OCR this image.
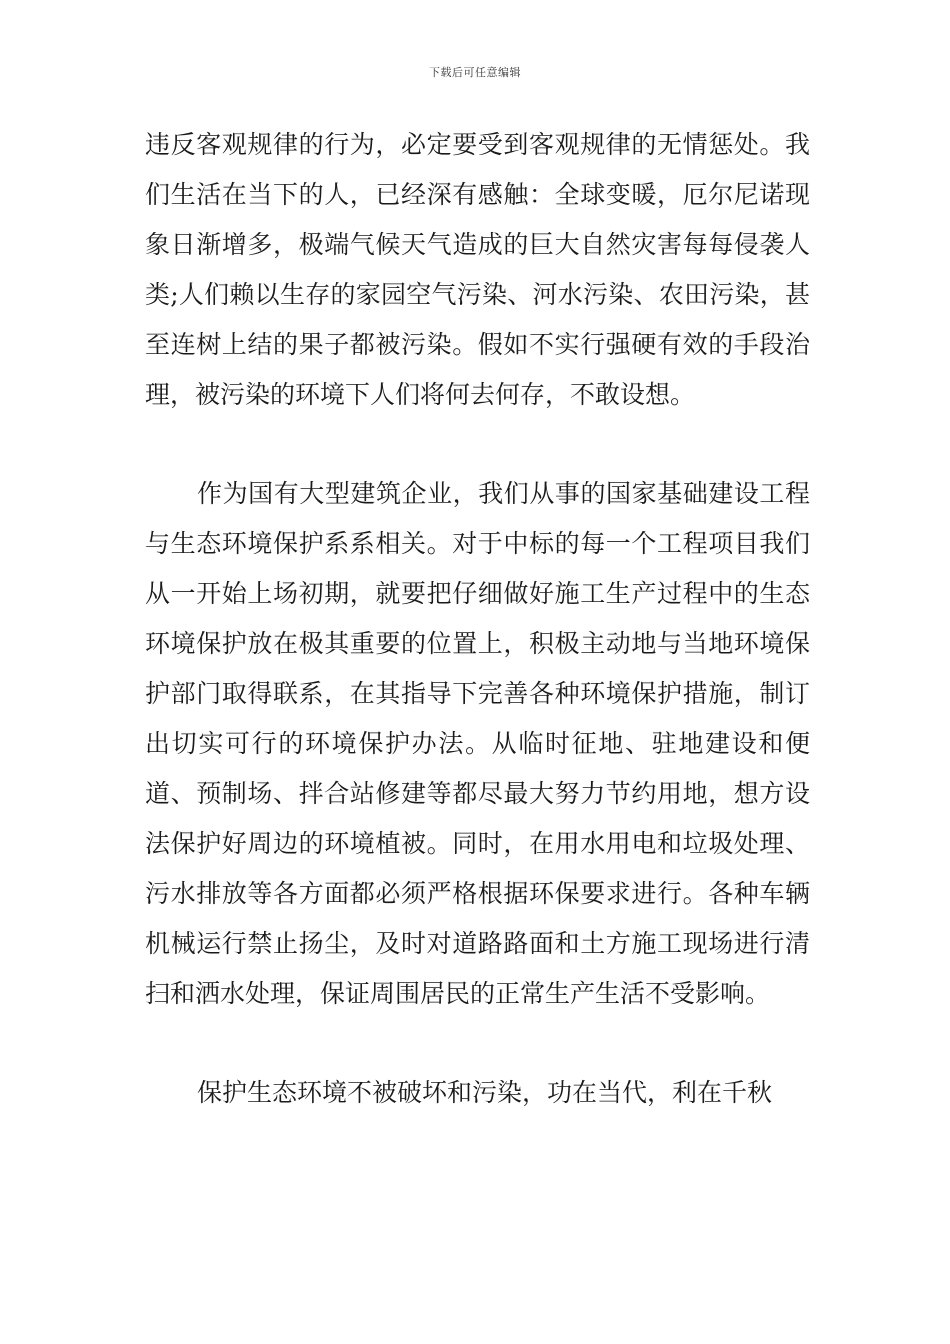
下载后可任意编辑

违反客观规律的行为，必定要受到客观规律的无情惩处。我们生活在当下的人，已经深有感触：全球变暖，厄尔尼诺现象日渐增多，极端气候天气造成的巨大自然灾害每每侵袭人类;人们赖以生存的家园空气污染、河水污染、农田污染，甚至连树上结的果子都被污染。假如不实行强硬有效的手段治理，被污染的环境下人们将何去何存，不敢设想。

作为国有大型建筑企业，我们从事的国家基础建设工程与生态环境保护系系相关。对于中标的每一个工程项目我们从一开始上场初期，就要把仔细做好施工生产过程中的生态环境保护放在极其重要的位置上，积极主动地与当地环境保护部门取得联系，在其指导下完善各种环境保护措施，制订出切实可行的环境保护办法。从临时征地、驻地建设和便道、预制场、拌合站修建等都尽最大努力节约用地，想方设法保护好周边的环境植被。同时，在用水用电和垃圾处理、污水排放等各方面都必须严格根据环保要求进行。各种车辆机械运行禁止扬尘，及时对道路路面和土方施工现场进行清扫和洒水处理，保证周围居民的正常生产生活不受影响。

保护生态环境不被破坏和污染，功在当代，利在千秋
